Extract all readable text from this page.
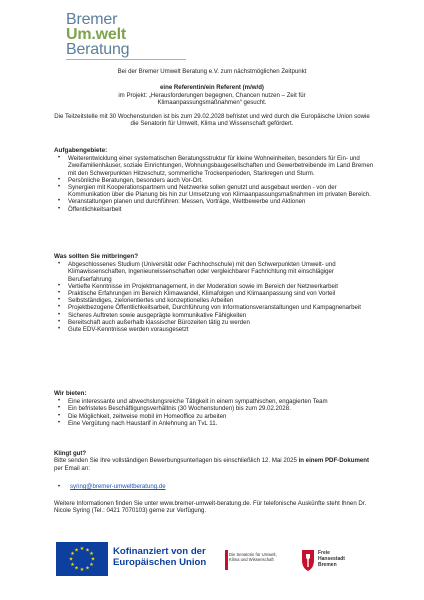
Bremer
Um.welt
Beratung
Bei der Bremer Umwelt Beratung e.V. zum nächstmöglichen Zeitpunkt
eine Referentin/ein Referent (m/w/d)
im Projekt: „Herausforderungen begegnen, Chancen nutzen – Zeit für
Klimaanpassungsmaßnahmen“ gesucht.
Die Teilzeitstelle mit 30 Wochenstunden ist bis zum 29.02.2028 befristet und wird durch die Europäische Union sowie die Senatorin für Umwelt, Klima und Wissenschaft gefördert.
Aufgabengebiete:
• Weiterentwicklung einer systematischen Beratungsstruktur für kleine Wohneinheiten, besonders für Ein- und Zweifamilienhäuser, soziale Einrichtungen, Wohnungsbaugesellschaften und Gewerbetreibende im Land Bremen mit den Schwerpunkten Hitzeschutz, sommerliche Trockenperioden, Starkregen und Sturm.
• Persönliche Beratungen, besonders auch Vor-Ort.
• Synergien mit Kooperationspartnern und Netzwerke sollen genutzt und ausgebaut werden - von der Kommunikation über die Planung bis hin zur Umsetzung von Klimaanpassungsmaßnahmen im privaten Bereich.
• Veranstaltungen planen und durchführen: Messen, Vorträge, Wettbewerbe und Aktionen
• Öffentlichkeitsarbeit
Was sollten Sie mitbringen?
• Abgeschlossenes Studium (Universität oder Fachhochschule) mit den Schwerpunkten Umwelt- und Klimawissenschaften, Ingenieurwissenschaften oder vergleichbarer Fachrichtung mit einschlägiger Berufserfahrung
• Vertiefte Kenntnisse im Projektmanagement, in der Moderation sowie im Bereich der Netzwerkarbeit
• Praktische Erfahrungen im Bereich Klimawandel, Klimafolgen und Klimaanpassung sind von Vorteil
• Selbstständiges, zielorientiertes und konzeptionelles Arbeiten
• Projektbezogene Öffentlichkeitsarbeit, Durchführung von Informationsveranstaltungen und Kampagnenarbeit
• Sicheres Auftreten sowie ausgeprägte kommunikative Fähigkeiten
• Bereitschaft auch außerhalb klassischer Bürozeiten tätig zu werden
• Gute EDV-Kenntnisse werden vorausgesetzt
Wir bieten:
• Eine interessante und abwechslungsreiche Tätigkeit in einem sympathischen, engagierten Team
• Ein befristetes Beschäftigungsverhältnis (30 Wochenstunden) bis zum 29.02.2028.
• Die Möglichkeit, zeitweise mobil im Homeoffice zu arbeiten
• Eine Vergütung nach Haustarif in Anlehnung an TvL 11.
Klingt gut?
Bitte senden Sie Ihre vollständigen Bewerbungsunterlagen bis einschließlich 12. Mai 2025 in einem PDF-Dokument per Email an:
• syring@bremer-umweltberatung.de
Weitere Informationen finden Sie unter www.bremer-umwelt-beratung.de. Für telefonische Auskünfte steht Ihnen Dr. Nicole Syring (Tel.: 0421 7070103) gerne zur Verfügung.
★ ★
★
★
★
★
★
★
★
★
★
★	Kofinanziert von der
Europäischen Union
Die Senatorin für Umwelt,
Klima und Wissenschaft
Freie
Hansestadt
Bremen
